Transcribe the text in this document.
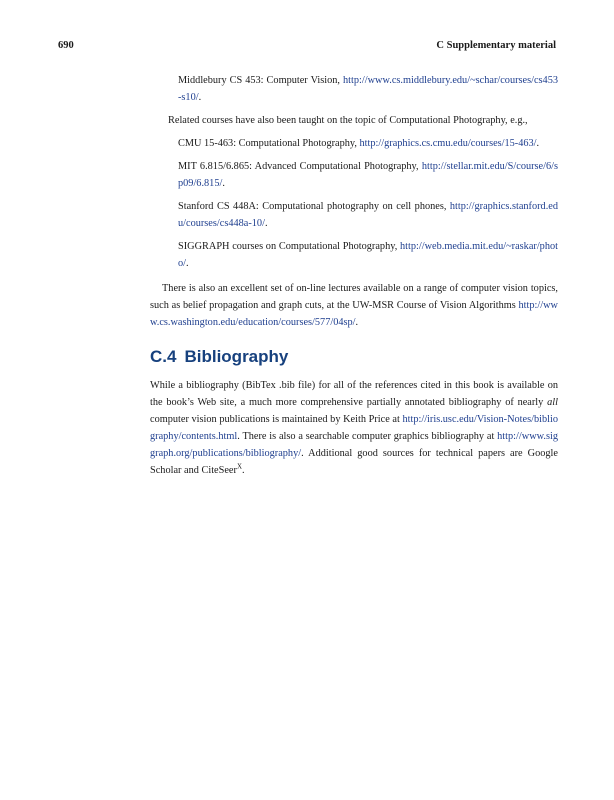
690	C Supplementary material
Middlebury CS 453: Computer Vision, http://www.cs.middlebury.edu/~schar/courses/cs453-s10/.

Related courses have also been taught on the topic of Computational Photography, e.g.,

CMU 15-463: Computational Photography, http://graphics.cs.cmu.edu/courses/15-463/.
MIT 6.815/6.865: Advanced Computational Photography, http://stellar.mit.edu/S/course/6/sp09/6.815/.
Stanford CS 448A: Computational photography on cell phones, http://graphics.stanford.edu/courses/cs448a-10/.
SIGGRAPH courses on Computational Photography, http://web.media.mit.edu/~raskar/photo/.

There is also an excellent set of on-line lectures available on a range of computer vision topics, such as belief propagation and graph cuts, at the UW-MSR Course of Vision Algorithms http://www.cs.washington.edu/education/courses/577/04sp/.

C.4 Bibliography

While a bibliography (BibTex .bib file) for all of the references cited in this book is available on the book’s Web site, a much more comprehensive partially annotated bibliography of nearly all computer vision publications is maintained by Keith Price at http://iris.usc.edu/Vision-Notes/bibliography/contents.html. There is also a searchable computer graphics bibliography at http://www.siggraph.org/publications/bibliography/. Additional good sources for technical papers are Google Scholar and CiteSeer$^X$.
